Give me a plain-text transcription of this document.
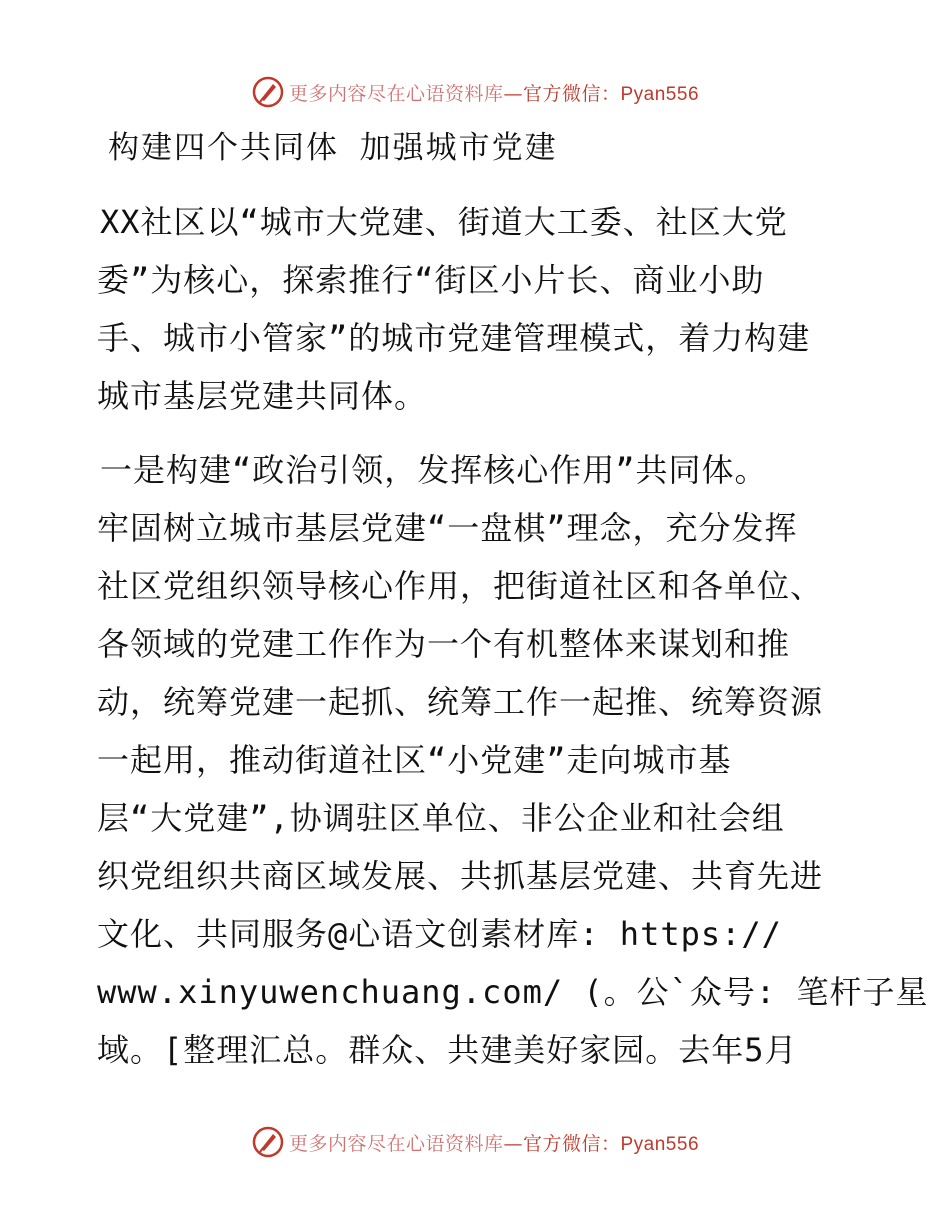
更多内容尽在心语资料库—官方微信：Pyan556
构建四个共同体 加强城市党建
XX社区以“城市大党建、街道大工委、社区大党
委”为核心，探索推行“街区小片长、商业小助
手、城市小管家”的城市党建管理模式，着力构建
城市基层党建共同体。
一是构建“政治引领，发挥核心作用”共同体。
牢固树立城市基层党建“一盘棋”理念，充分发挥
社区党组织领导核心作用，把街道社区和各单位、
各领域的党建工作作为一个有机整体来谋划和推
动，统筹党建一起抓、统筹工作一起推、统筹资源
一起用，推动街道社区“小党建”走向城市基
层“大党建”,协调驻区单位、非公企业和社会组
织党组织共商区域发展、共抓基层党建、共育先进
文化、共同服务@心语文创素材库: https://
www.xinyuwenchuang.com/ (。公`众号: 笔杆子星
域。[整理汇总。群众、共建美好家园。去年5月
更多内容尽在心语资料库—官方微信：Pyan556
